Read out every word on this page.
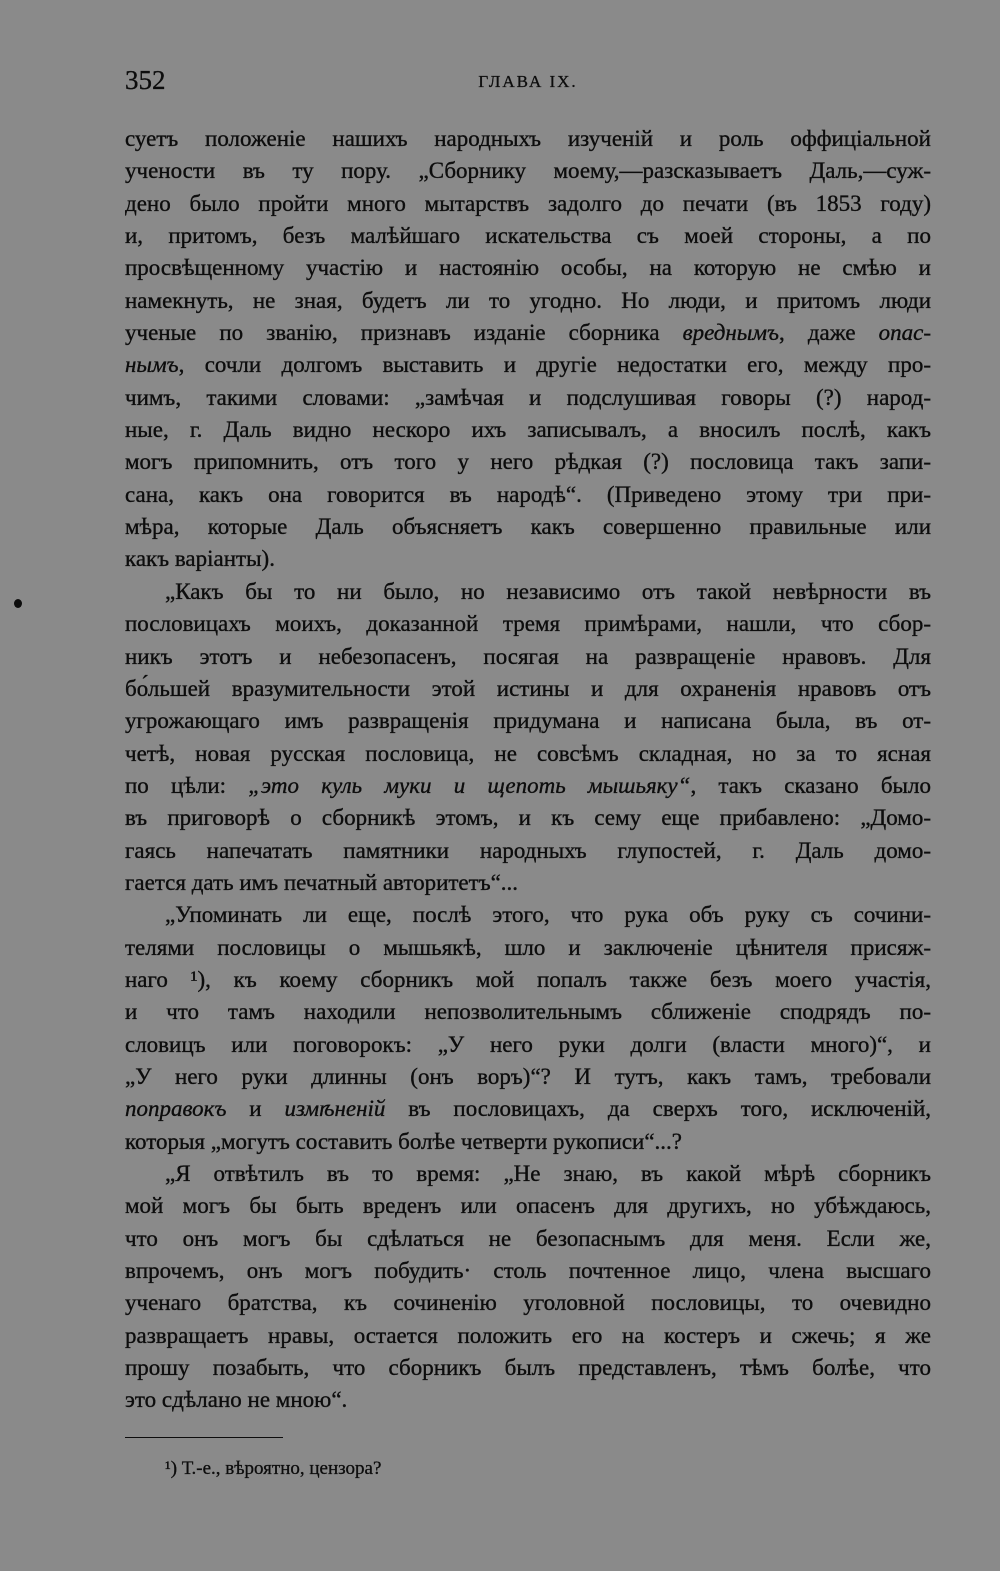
352	ГЛАВА IX.
суетъ положеніе нашихъ народныхъ изученій и роль оффиціальной
учености въ ту пору. „Сборнику моему,—разсказываетъ Даль,—суж-
дено было пройти много мытарствъ задолго до печати (въ 1853 году)
и, притомъ, безъ малѣйшаго искательства съ моей стороны, а по
просвѣщенному участію и настоянію особы, на которую не смѣю и
намекнуть, не зная, будетъ ли то угодно. Но люди, и притомъ люди
ученые по званію, признавъ изданіе сборника вреднымъ, даже опас-
нымъ, сочли долгомъ выставить и другіе недостатки его, между про-
чимъ, такими словами: „замѣчая и подслушивая говоры (?) народ-
ные, г. Даль видно нескоро ихъ записывалъ, а вносилъ послѣ, какъ
могъ припомнить, отъ того у него рѣдкая (?) пословица такъ запи-
сана, какъ она говорится въ народѣ“. (Приведено этому три при-
мѣра, которые Даль объясняетъ какъ совершенно правильные или
какъ варіанты).
„Какъ бы то ни было, но независимо отъ такой невѣрности въ
пословицахъ моихъ, доказанной тремя примѣрами, нашли, что сбор-
никъ этотъ и небезопасенъ, посягая на развращеніе нравовъ. Для
бо́льшей вразумительности этой истины и для охраненія нравовъ отъ
угрожающаго имъ развращенія придумана и написана была, въ от-
четѣ, новая русская пословица, не совсѣмъ складная, но за то ясная
по цѣли: „это куль муки и щепоть мышьяку“, такъ сказано было
въ приговорѣ о сборникѣ этомъ, и къ сему еще прибавлено: „Домо-
гаясь напечатать памятники народныхъ глупостей, г. Даль домо-
гается дать имъ печатный авторитетъ“...
„Упоминать ли еще, послѣ этого, что рука объ руку съ сочини-
телями пословицы о мышьякѣ, шло и заключеніе цѣнителя присяж-
наго ¹), къ коему сборникъ мой попалъ также безъ моего участія,
и что тамъ находили непозволительнымъ сближеніе сподрядъ по-
словицъ или поговорокъ: „У него руки долги (власти много)“, и
„У него руки длинны (онъ воръ)“? И тутъ, какъ тамъ, требовали
поправокъ и измѣненій въ пословицахъ, да сверхъ того, исключеній,
которыя „могутъ составить болѣе четверти рукописи“...?
„Я отвѣтилъ въ то время: „Не знаю, въ какой мѣрѣ сборникъ
мой могъ бы быть вреденъ или опасенъ для другихъ, но убѣждаюсь,
что онъ могъ бы сдѣлаться не безопаснымъ для меня. Если же,
впрочемъ, онъ могъ побудить· столь почтенное лицо, члена высшаго
ученаго братства, къ сочиненію уголовной пословицы, то очевидно
развращаетъ нравы, остается положить его на костеръ и сжечь; я же
прошу позабыть, что сборникъ былъ представленъ, тѣмъ болѣе, что
это сдѣлано не мною“.
¹) Т.-е., вѣроятно, цензора?
